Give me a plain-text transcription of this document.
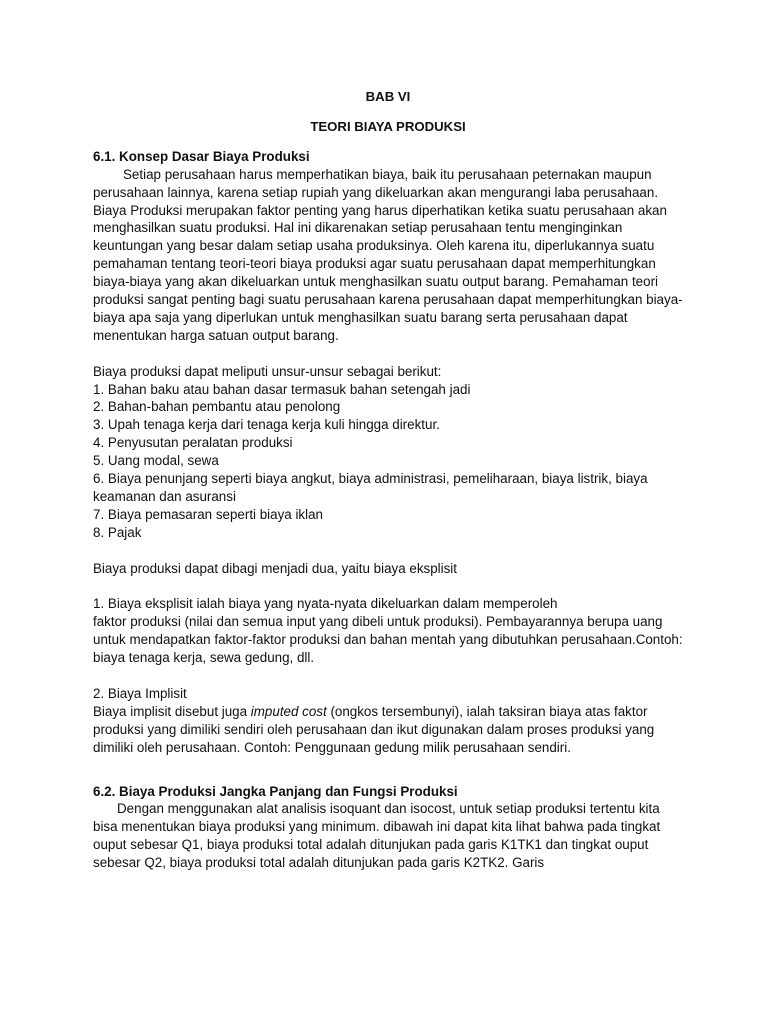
BAB VI

TEORI BIAYA PRODUKSI

6.1. Konsep Dasar Biaya Produksi

Setiap perusahaan harus memperhatikan biaya, baik itu perusahaan peternakan maupun perusahaan lainnya, karena setiap rupiah yang dikeluarkan akan mengurangi laba perusahaan. Biaya Produksi merupakan faktor penting yang harus diperhatikan ketika suatu perusahaan akan menghasilkan suatu produksi. Hal ini dikarenakan setiap perusahaan tentu menginginkan keuntungan yang besar dalam setiap usaha produksinya. Oleh karena itu, diperlukannya suatu pemahaman tentang teori-teori biaya produksi agar suatu perusahaan dapat memperhitungkan biaya-biaya yang akan dikeluarkan untuk menghasilkan suatu output barang. Pemahaman teori produksi sangat penting bagi suatu perusahaan karena perusahaan dapat memperhitungkan biaya-biaya apa saja yang diperlukan untuk menghasilkan suatu barang serta perusahaan dapat menentukan harga satuan output barang.

Biaya produksi dapat meliputi unsur-unsur sebagai berikut:

1. Bahan baku atau bahan dasar termasuk bahan setengah jadi
2. Bahan-bahan pembantu atau penolong
3. Upah tenaga kerja dari tenaga kerja kuli hingga direktur.
4. Penyusutan peralatan produksi
5. Uang modal, sewa
6. Biaya penunjang seperti biaya angkut, biaya administrasi, pemeliharaan, biaya listrik, biaya keamanan dan asuransi
7. Biaya pemasaran seperti biaya iklan
8. Pajak

Biaya produksi dapat dibagi menjadi dua, yaitu biaya eksplisit

1. Biaya eksplisit ialah biaya yang nyata-nyata dikeluarkan dalam memperoleh

faktor produksi (nilai dan semua input yang dibeli untuk produksi). Pembayarannya berupa uang untuk mendapatkan faktor-faktor produksi dan bahan mentah yang dibutuhkan perusahaan.Contoh: biaya tenaga kerja, sewa gedung, dll.

2. Biaya Implisit

Biaya implisit disebut juga imputed cost (ongkos tersembunyi), ialah taksiran biaya atas faktor produksi yang dimiliki sendiri oleh perusahaan dan ikut digunakan dalam proses produksi yang dimiliki oleh perusahaan. Contoh: Penggunaan gedung milik perusahaan sendiri.

6.2. Biaya Produksi Jangka Panjang dan Fungsi Produksi

Dengan menggunakan alat analisis isoquant dan isocost, untuk setiap produksi tertentu kita bisa menentukan biaya produksi yang minimum. dibawah ini dapat kita lihat bahwa pada tingkat ouput sebesar Q1, biaya produksi total adalah ditunjukan pada garis K1TK1 dan tingkat ouput sebesar Q2, biaya produksi total adalah ditunjukan pada garis K2TK2. Garis
